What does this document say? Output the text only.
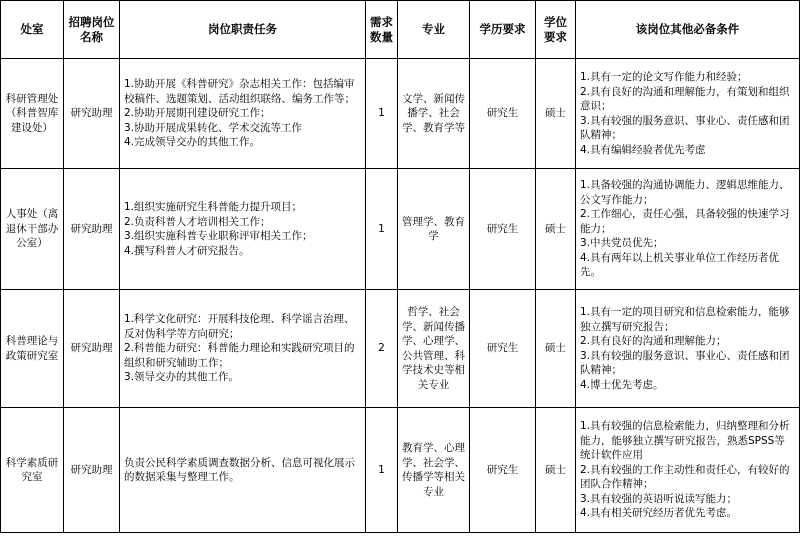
处室	招聘岗位名称	岗位职责任务	需求数量	专业	学历要求	学位要求	该岗位其他必备条件
科研管理处（科普智库建设处）	研究助理	1.协助开展《科普研究》杂志相关工作：包括编审校稿件、选题策划、活动组织联络、编务工作等；
2.协助开展期刊建设研究工作；
3.协助开展成果转化、学术交流等工作
4.完成领导交办的其他工作。	1	文学、新闻传播学、社会学、教育学等	研究生	硕士	1.具有一定的论文写作能力和经验；
2.具有良好的沟通和理解能力，有策划和组织意识；
3.具有较强的服务意识、事业心、责任感和团队精神；
4.具有编辑经验者优先考虑

人事处（离退休干部办公室）	研究助理	1.组织实施研究生科普能力提升项目；
2.负责科普人才培训相关工作；
3.组织实施科普专业职称评审相关工作；
4.撰写科普人才研究报告。	1	管理学、教育学	研究生	硕士	1.具备较强的沟通协调能力、逻辑思维能力、公文写作能力；
2.工作细心，责任心强，具备较强的快速学习能力；
3.中共党员优先；
4.具有两年以上机关事业单位工作经历者优先。

科普理论与政策研究室	研究助理	1.科学文化研究：开展科技伦理、科学谣言治理、反对伪科学等方向研究；
2.科普能力研究：科普能力理论和实践研究项目的组织和研究辅助工作；
3.领导交办的其他工作。	2	哲学、社会学、新闻传播学、心理学、公共管理、科学技术史等相关专业	研究生	硕士	1.具有一定的项目研究和信息检索能力，能够独立撰写研究报告；
2.具有良好的沟通和理解能力；
3.具有较强的服务意识、事业心、责任感和团队精神；
4.博士优先考虑。

科学素质研究室	研究助理	负责公民科学素质调查数据分析、信息可视化展示的数据采集与整理工作。	1	教育学、心理学、社会学、传播学等相关专业	研究生	硕士	1.具有较强的信息检索能力，归纳整理和分析能力，能够独立撰写研究报告，熟悉SPSS等统计软件应用
2.具有较强的工作主动性和责任心，有较好的团队合作精神；
3.具有较强的英语听说读写能力；
4.具有相关研究经历者优先考虑。
